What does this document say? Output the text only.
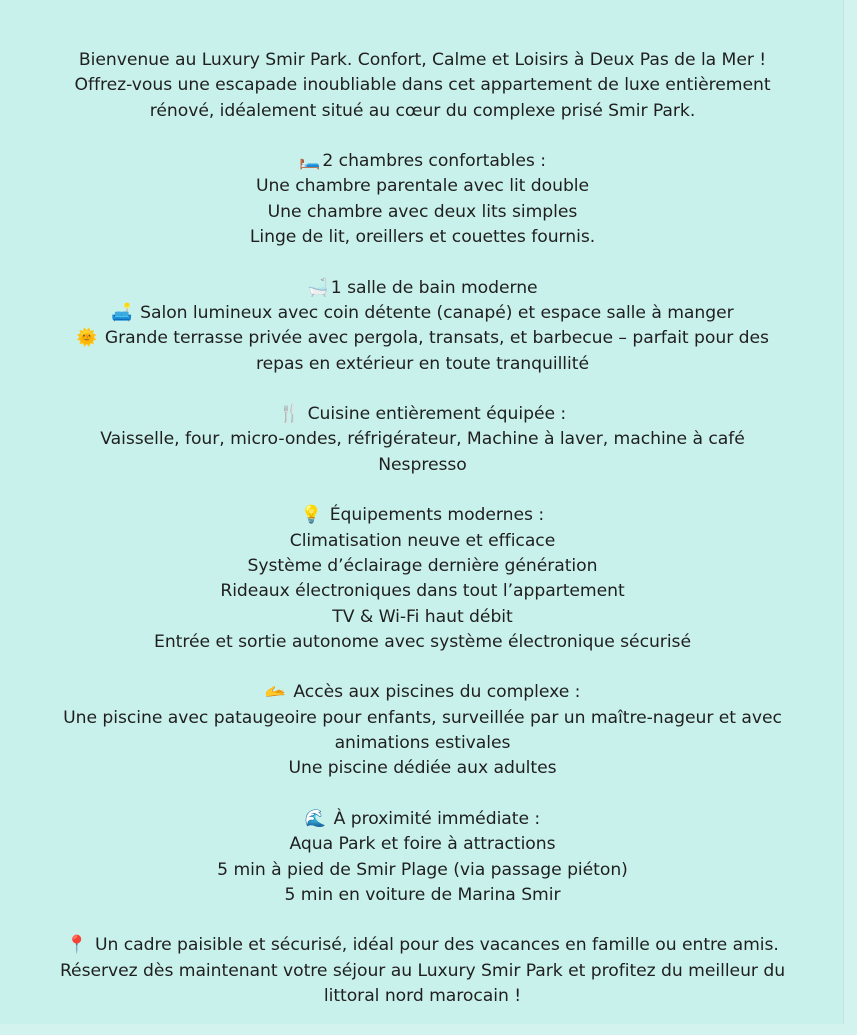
Bienvenue au Luxury Smir Park. Confort, Calme et Loisirs à Deux Pas de la Mer !
Offrez-vous une escapade inoubliable dans cet appartement de luxe entièrement
rénové, idéalement situé au cœur du complexe prisé Smir Park.
🛏️ 2 chambres confortables :
Une chambre parentale avec lit double
Une chambre avec deux lits simples
Linge de lit, oreillers et couettes fournis.
🛁 1 salle de bain moderne
🛋️ Salon lumineux avec coin détente (canapé) et espace salle à manger
🌞 Grande terrasse privée avec pergola, transats, et barbecue – parfait pour des
repas en extérieur en toute tranquillité
🍴 Cuisine entièrement équipée :
Vaisselle, four, micro-ondes, réfrigérateur, Machine à laver, machine à café
Nespresso
💡 Équipements modernes :
Climatisation neuve et efficace
Système d’éclairage dernière génération
Rideaux électroniques dans tout l’appartement
TV & Wi-Fi haut débit
Entrée et sortie autonome avec système électronique sécurisé
🫴 Accès aux piscines du complexe :
Une piscine avec pataugeoire pour enfants, surveillée par un maître-nageur et avec
animations estivales
Une piscine dédiée aux adultes
🌊 À proximité immédiate :
Aqua Park et foire à attractions
5 min à pied de Smir Plage (via passage piéton)
5 min en voiture de Marina Smir
📍 Un cadre paisible et sécurisé, idéal pour des vacances en famille ou entre amis.
Réservez dès maintenant votre séjour au Luxury Smir Park et profitez du meilleur du
littoral nord marocain !
